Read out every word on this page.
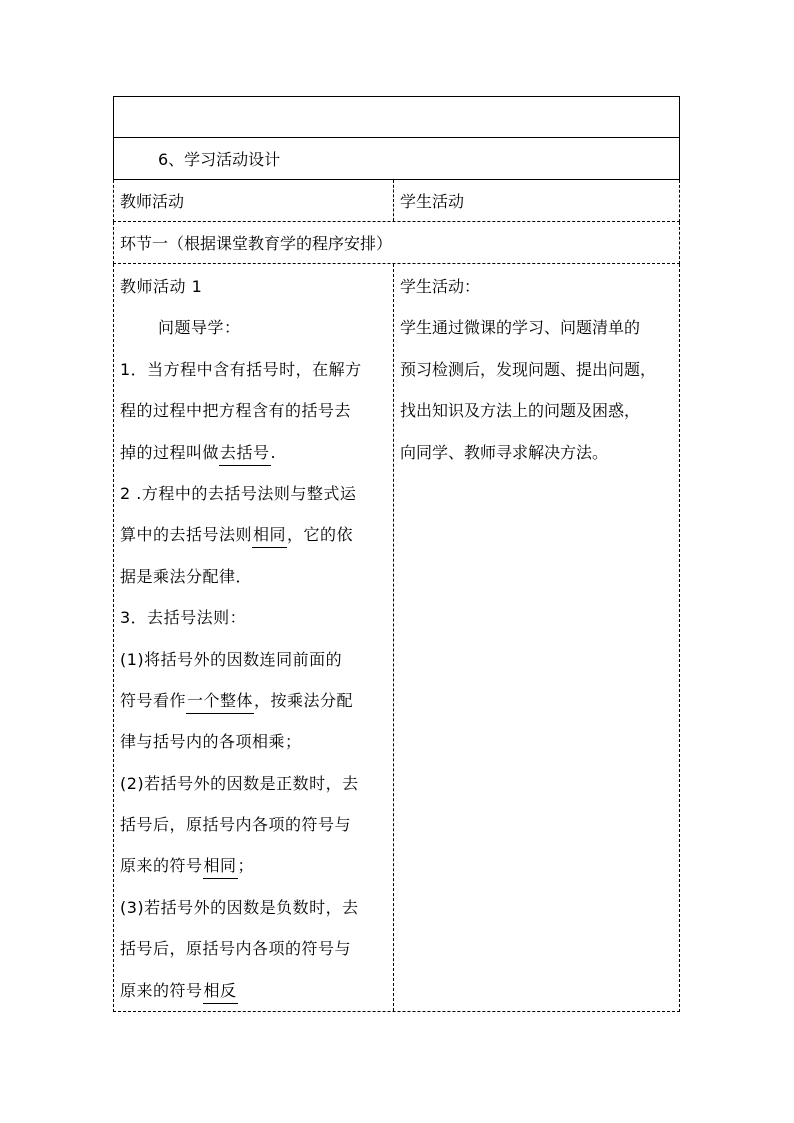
6、学习活动设计
教师活动	学生活动
环节一（根据课堂教育学的程序安排）
教师活动 1
问题导学：
1．当方程中含有括号时，在解方
程的过程中把方程含有的括号去
掉的过程叫做去括号.
2 .方程中的去括号法则与整式运
算中的去括号法则相同，它的依
据是乘法分配律．
3．去括号法则：
(1)将括号外的因数连同前面的
符号看作一个整体，按乘法分配
律与括号内的各项相乘；
(2)若括号外的因数是正数时，去
括号后，原括号内各项的符号与
原来的符号相同；
(3)若括号外的因数是负数时，去
括号后，原括号内各项的符号与
原来的符号相反
学生活动：
学生通过微课的学习、问题清单的
预习检测后，发现问题、提出问题，
找出知识及方法上的问题及困惑，
向同学、教师寻求解决方法。
